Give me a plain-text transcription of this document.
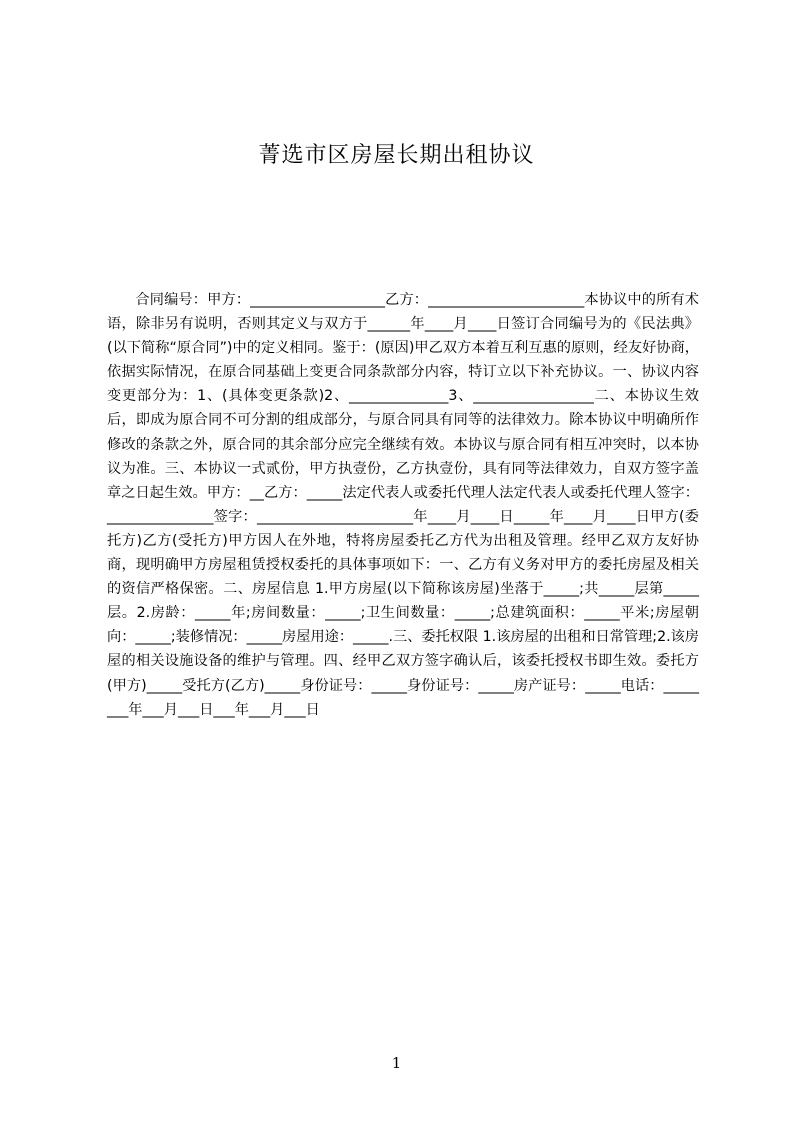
菁选市区房屋长期出租协议

合同编号：甲方：___________________乙方：______________________本协议中的所有术语，除非另有说明，否则其定义与双方于______年____月____日签订合同编号为的《民法典》(以下简称“原合同”)中的定义相同。鉴于：(原因)甲乙双方本着互利互惠的原则，经友好协商，依据实际情况，在原合同基础上变更合同条款部分内容，特订立以下补充协议。一、协议内容变更部分为：1、(具体变更条款)2、______________3、_________________二、本协议生效后，即成为原合同不可分割的组成部分，与原合同具有同等的法律效力。除本协议中明确所作修改的条款之外，原合同的其余部分应完全继续有效。本协议与原合同有相互冲突时，以本协议为准。三、本协议一式贰份，甲方执壹份，乙方执壹份，具有同等法律效力，自双方签字盖章之日起生效。甲方：__乙方：_____法定代表人或委托代理人法定代表人或委托代理人签字：_______________签字：______________________年____月____日_____年____月____日甲方(委托方)乙方(受托方)甲方因人在外地，特将房屋委托乙方代为出租及管理。经甲乙双方友好协商，现明确甲方房屋租赁授权委托的具体事项如下：一、乙方有义务对甲方的委托房屋及相关的资信严格保密。二、房屋信息 1.甲方房屋(以下简称该房屋)坐落于_____;共_____层第_____层。2.房龄：_____年;房间数量：_____;卫生间数量：_____;总建筑面积：_____平米;房屋朝向：_____;装修情况：_____房屋用途：_____.三、委托权限 1.该房屋的出租和日常管理;2.该房屋的相关设施设备的维护与管理。四、经甲乙双方签字确认后，该委托授权书即生效。委托方(甲方)_____受托方(乙方)_____身份证号：_____身份证号：_____房产证号：_____电话：________年___月___日___年___月___日

1
